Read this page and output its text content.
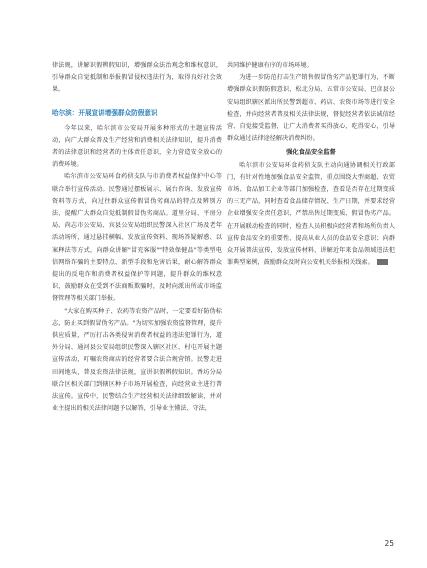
律法规，讲解识假辨假知识，增强群众法治观念和维权意识，引导群众自觉抵制和举报假冒侵权违法行为，取得良好社会效果。

哈尔滨：开展宣讲增强群众防假意识

今年以来，哈尔滨市公安局开展多种形式的主题宣传活动，向广大群众普及生产经营和消费相关法律知识，提升消费者的法律意识和经营者的主体责任意识，全力营造安全放心的消费环境。

哈尔滨市公安局环食药侦支队与市消费者权益保护中心等联合举行宣传活动。民警通过摆板展示、展台咨询、发放宣传资料等方式，向过往群众宣传假冒伪劣商品的特点及辨别方法，提醒广大群众自觉抵制假冒伪劣商品。道里分局、平房分局、尚志市公安局、宾县公安局组织民警深入社区广场及老年活动场所，通过悬挂横幅、发放宣传资料、现场答疑解惑、以案释法等方式，向群众讲解"冒充客服""特效保健品"等类型电信网络诈骗的主要特点、新型手段和危害后果，耐心解答群众提出的反电诈和消费者权益保护等问题，提升群众的维权意识，鼓励群众在受到不法商贩欺骗时，及时向派出所或市场监督管理等相关部门举报。

"大家在购买种子、农药等农资产品时，一定要看好防伪标志，防止买到假冒伪劣产品。"为切实加强农资监督管理，提升供应质量，严厉打击各类侵害消费者权益的违法犯罪行为，道外分局、通河县公安局组织民警深入辖区社区、村屯开展主题宣传活动，叮嘱农资商店的经营者要合法合规营销。民警走进田间地头，普及农资法律法规，宣讲识假辨假知识。香坊分局联合区相关部门到辖区种子市场开展检查，向经营业主进行普法宣传。宣传中，民警结合生产经营相关法律细致解读，并对业主提出的相关法律问题予以解答，引导业主懂法、守法，

共同维护健康有序的市场环境。

为进一步防范打击生产销售假冒伪劣产品犯罪行为，不断增强群众识假防假意识，松北分局、五常市公安局、巴彦县公安局组织辖区派出所民警到超市、药店、农资市场等进行安全检查，并向经营者普及相关法律法规，督促经营者依法诚信经营、自觉接受监督，让广大消费者买得放心、吃得安心，引导群众通过法律途径解决消费纠纷。

强化食品安全监督

哈尔滨市公安局环食药侦支队主动向通协调相关行政部门，有针对性地加强食品安全监管，重点围绕大型商超、农贸市场、食品加工企业等部门加强检查，查看是否存在过期变质的三无产品，同时查看食品储存情况、生产日期，并要求经营企业增强安全责任意识，严禁出售过期变质、假冒伪劣产品。在开展联动检查的同时，检查人员积极向经营者和场所负责人宣传食品安全的重要性，提高从业人员的食品安全意识；向群众开展普法宣传，发放宣传材料，讲解近年来食品领域违法犯罪典型案例，鼓励群众及时向公安机关举报相关线索。

25
